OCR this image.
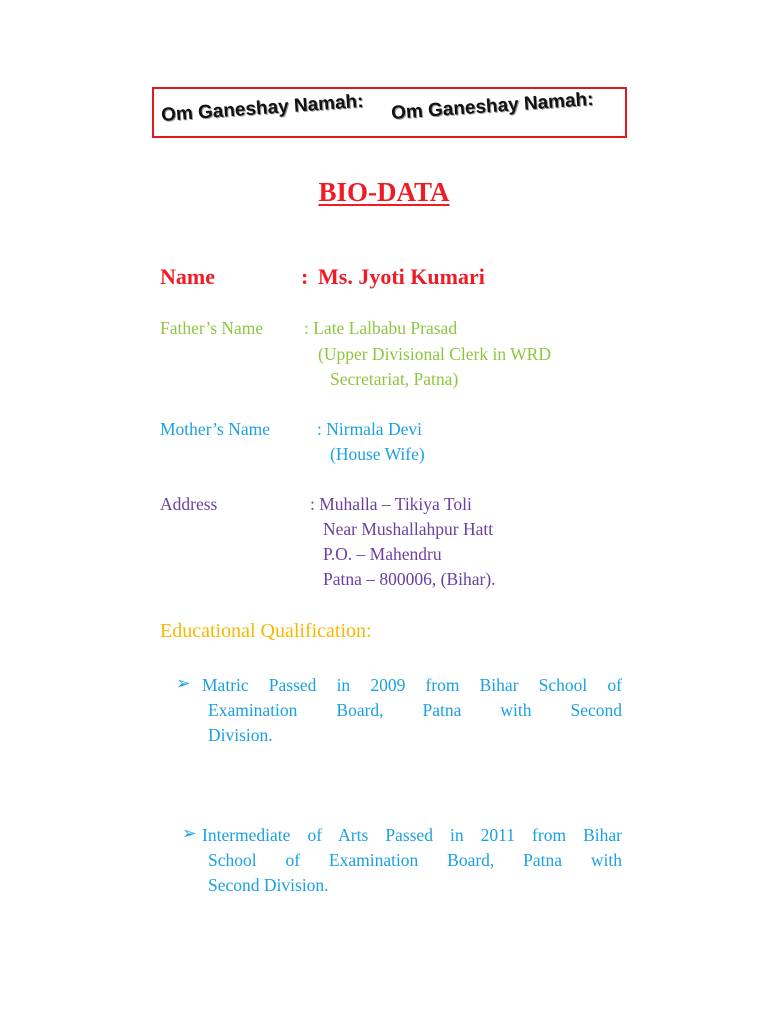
Om Ganeshay Namah: Om Ganeshay Namah:
BIO-DATA
Name	: Ms. Jyoti Kumari
Father’s Name : Late Lalbabu Prasad
(Upper Divisional Clerk in WRD
Secretariat, Patna)
Mother’s Name	: Nirmala Devi
(House Wife)
Address	: Muhalla – Tikiya Toli
Near Mushallahpur Hatt
P.O. – Mahendru
Patna – 800006, (Bihar).
Educational Qualification:
➢ Matric Passed in 2009 from Bihar School of
Examination Board, Patna with Second
Division.
➢ Intermediate of Arts Passed in 2011 from Bihar
School of Examination Board, Patna with
Second Division.
